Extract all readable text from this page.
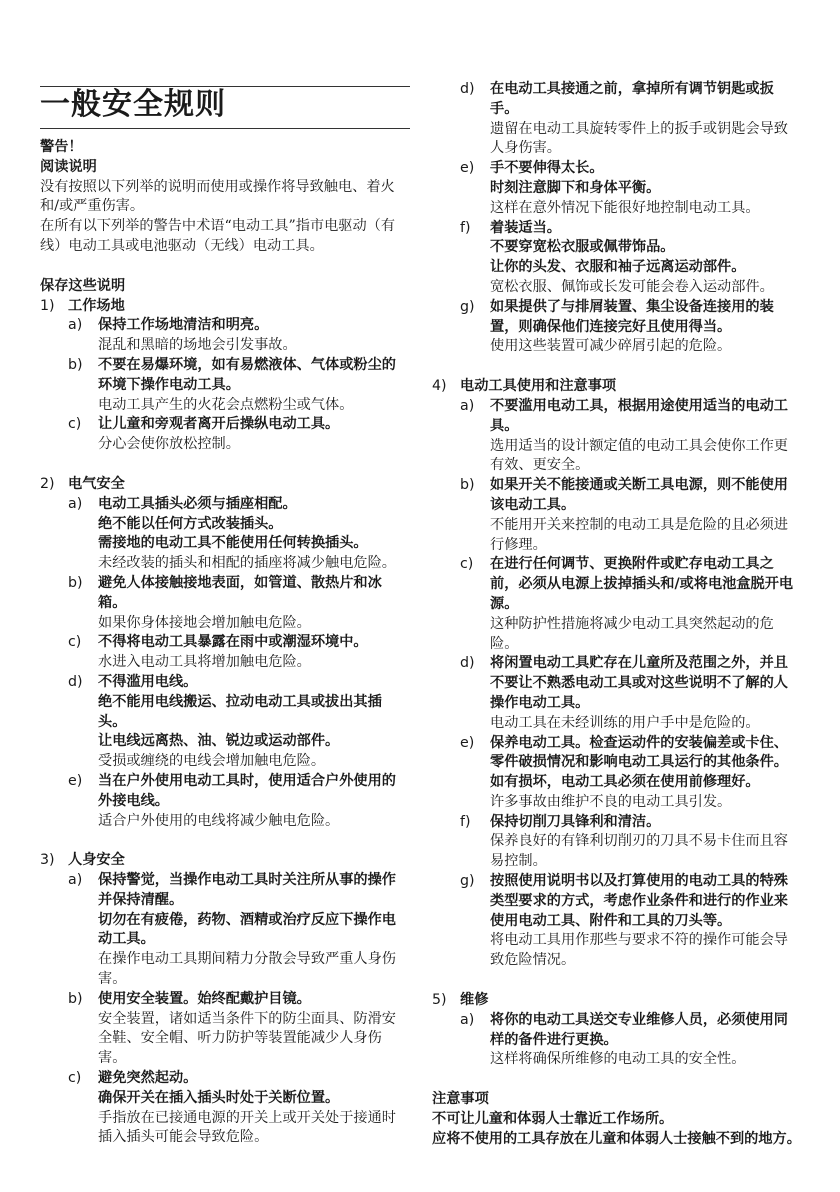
一般安全规则

警告！

阅读说明

没有按照以下列举的说明而使用或操作将导致触电、着火和/或严重伤害。

在所有以下列举的警告中术语“电动工具”指市电驱动（有线）电动工具或电池驱动（无线）电动工具。

保存这些说明

1) 工作场地
a) 保持工作场地清洁和明亮。

混乱和黑暗的场地会引发事故。

b) 不要在易爆环境，如有易燃液体、气体或粉尘的环境下操作电动工具。

电动工具产生的火花会点燃粉尘或气体。

c) 让儿童和旁观者离开后操纵电动工具。

分心会使你放松控制。

2) 电气安全
a) 电动工具插头必须与插座相配。

绝不能以任何方式改装插头。

需接地的电动工具不能使用任何转换插头。

未经改装的插头和相配的插座将减少触电危险。

b) 避免人体接触接地表面，如管道、散热片和冰箱。

如果你身体接地会增加触电危险。

c) 不得将电动工具暴露在雨中或潮湿环境中。

水进入电动工具将增加触电危险。

d) 不得滥用电线。

绝不能用电线搬运、拉动电动工具或拔出其插头。

让电线远离热、油、锐边或运动部件。

受损或缠绕的电线会增加触电危险。

e) 当在户外使用电动工具时，使用适合户外使用的外接电线。

适合户外使用的电线将减少触电危险。

3) 人身安全
a) 保持警觉，当操作电动工具时关注所从事的操作并保持清醒。

切勿在有疲倦，药物、酒精或治疗反应下操作电动工具。

在操作电动工具期间精力分散会导致严重人身伤害。

b) 使用安全装置。始终配戴护目镜。

安全装置，诸如适当条件下的防尘面具、防滑安全鞋、安全帽、听力防护等装置能减少人身伤害。

c) 避免突然起动。

确保开关在插入插头时处于关断位置。

手指放在已接通电源的开关上或开关处于接通时插入插头可能会导致危险。

d) 在电动工具接通之前，拿掉所有调节钥匙或扳手。

遗留在电动工具旋转零件上的扳手或钥匙会导致人身伤害。

e) 手不要伸得太长。

时刻注意脚下和身体平衡。

这样在意外情况下能很好地控制电动工具。

f) 着装适当。

不要穿宽松衣服或佩带饰品。

让你的头发、衣服和袖子远离运动部件。

宽松衣服、佩饰或长发可能会卷入运动部件。

g) 如果提供了与排屑装置、集尘设备连接用的装置，则确保他们连接完好且使用得当。

使用这些装置可减少碎屑引起的危险。

4) 电动工具使用和注意事项
a) 不要滥用电动工具，根据用途使用适当的电动工具。

选用适当的设计额定值的电动工具会使你工作更有效、更安全。

b) 如果开关不能接通或关断工具电源，则不能使用该电动工具。

不能用开关来控制的电动工具是危险的且必须进行修理。

c) 在进行任何调节、更换附件或贮存电动工具之前，必须从电源上拔掉插头和/或将电池盒脱开电源。

这种防护性措施将减少电动工具突然起动的危险。

d) 将闲置电动工具贮存在儿童所及范围之外，并且不要让不熟悉电动工具或对这些说明不了解的人操作电动工具。

电动工具在未经训练的用户手中是危险的。

e) 保养电动工具。检查运动件的安装偏差或卡住、零件破损情况和影响电动工具运行的其他条件。

如有损坏，电动工具必须在使用前修理好。

许多事故由维护不良的电动工具引发。

f) 保持切削刀具锋利和清洁。

保养良好的有锋利切削刃的刀具不易卡住而且容易控制。

g) 按照使用说明书以及打算使用的电动工具的特殊类型要求的方式，考虑作业条件和进行的作业来使用电动工具、附件和工具的刀头等。

将电动工具用作那些与要求不符的操作可能会导致危险情况。

5) 维修
a) 将你的电动工具送交专业维修人员，必须使用同样的备件进行更换。

这样将确保所维修的电动工具的安全性。

注意事项

不可让儿童和体弱人士靠近工作场所。

应将不使用的工具存放在儿童和体弱人士接触不到的地方。
